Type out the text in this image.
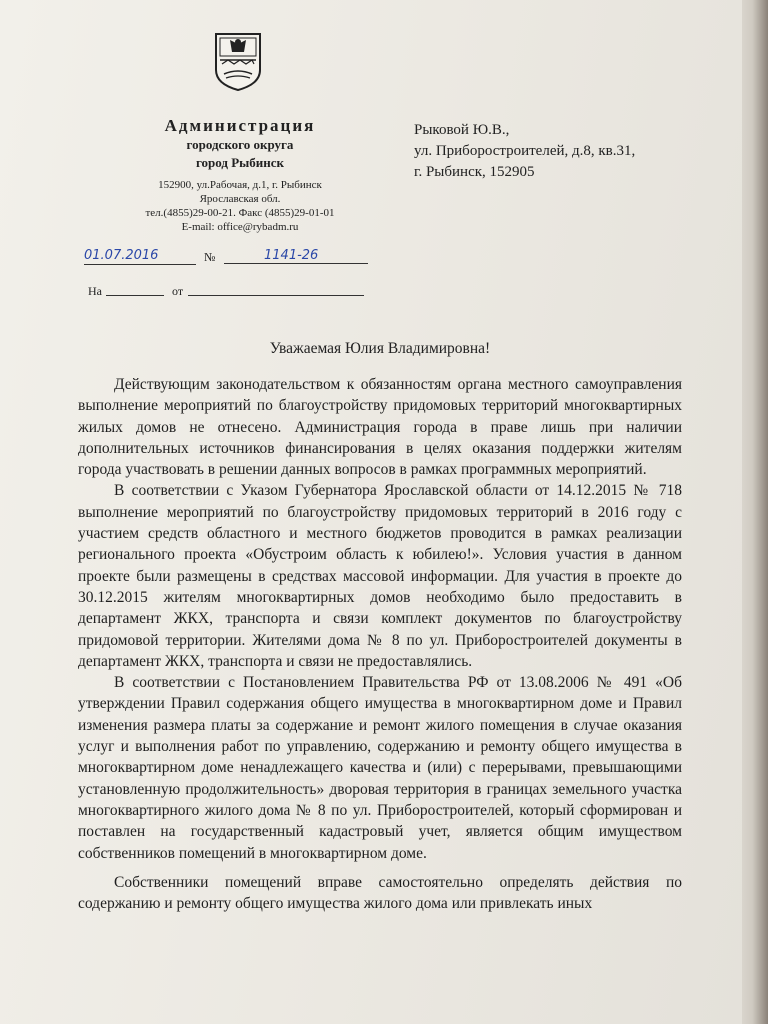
Администрация
городского округа
город Рыбинск
152900, ул.Рабочая, д.1, г. Рыбинск
Ярославская обл.
тел.(4855)29-00-21. Факс (4855)29-01-01
E-mail: office@rybadm.ru
Рыковой Ю.В.,
ул. Приборостроителей, д.8, кв.31,
г. Рыбинск, 152905
01.07.2016	№	1141-26
На	от
Уважаемая Юлия Владимировна!

Действующим законодательством к обязанностям органа местного самоуправления выполнение мероприятий по благоустройству придомовых территорий многоквартирных жилых домов не отнесено. Администрация города в праве лишь при наличии дополнительных источников финансирования в целях оказания поддержки жителям города участвовать в решении данных вопросов в рамках программных мероприятий.

В соответствии с Указом Губернатора Ярославской области от 14.12.2015 № 718 выполнение мероприятий по благоустройству придомовых территорий в 2016 году с участием средств областного и местного бюджетов проводится в рамках реализации регионального проекта «Обустроим область к юбилею!». Условия участия в данном проекте были размещены в средствах массовой информации. Для участия в проекте до 30.12.2015 жителям многоквартирных домов необходимо было предоставить в департамент ЖКХ, транспорта и связи комплект документов по благоустройству придомовой территории. Жителями дома № 8 по ул. Приборостроителей документы в департамент ЖКХ, транспорта и связи не предоставлялись.

В соответствии с Постановлением Правительства РФ от 13.08.2006 № 491 «Об утверждении Правил содержания общего имущества в многоквартирном доме и Правил изменения размера платы за содержание и ремонт жилого помещения в случае оказания услуг и выполнения работ по управлению, содержанию и ремонту общего имущества в многоквартирном доме ненадлежащего качества и (или) с перерывами, превышающими установленную продолжительность» дворовая территория в границах земельного участка многоквартирного жилого дома № 8 по ул. Приборостроителей, который сформирован и поставлен на государственный кадастровый учет, является общим имуществом собственников помещений в многоквартирном доме.

Собственники помещений вправе самостоятельно определять действия по содержанию и ремонту общего имущества жилого дома или привлекать иных
